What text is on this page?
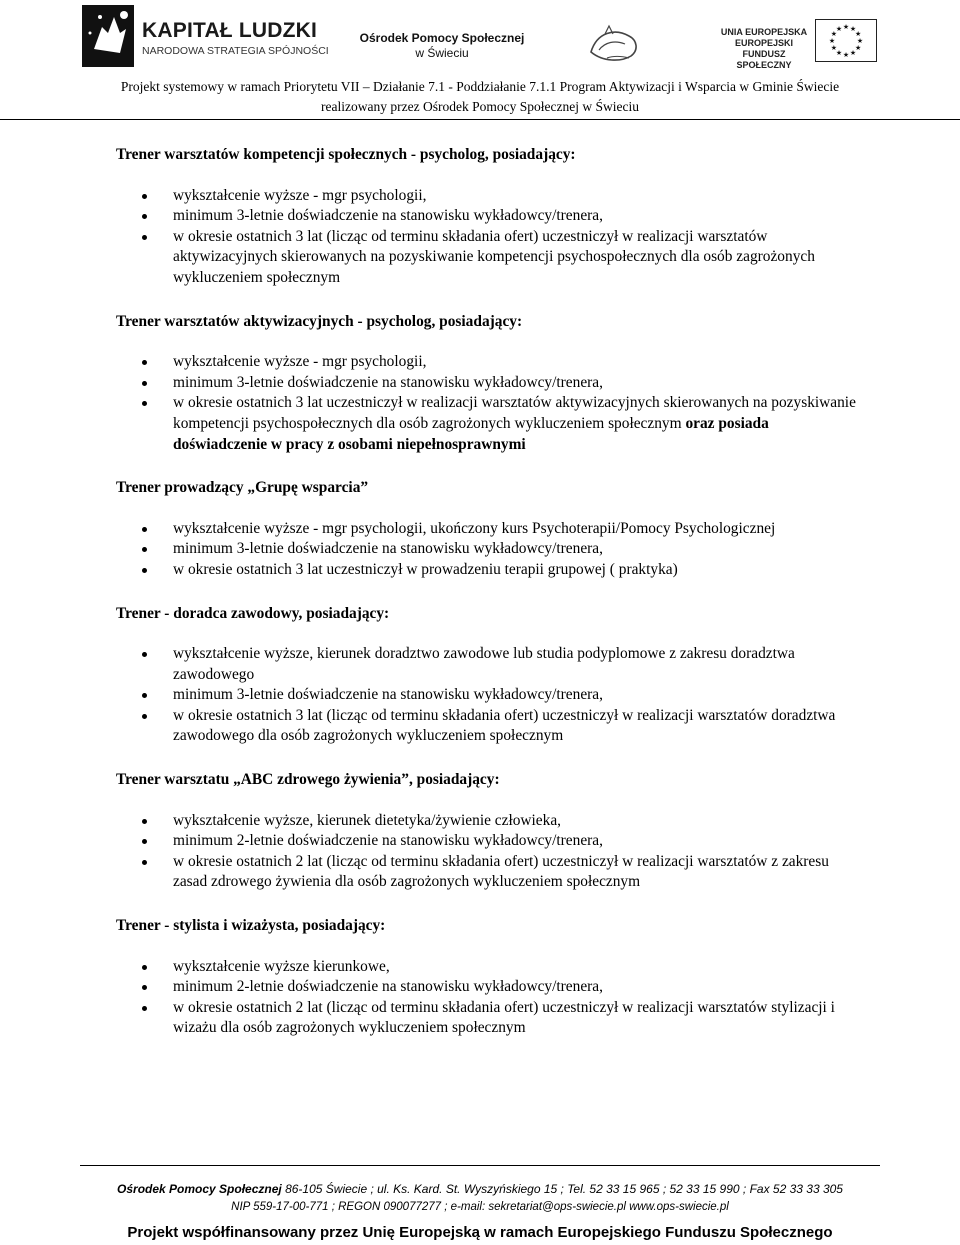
KAPITAŁ LUDZKI
NARODOWA STRATEGIA SPÓJNOŚCI
Ośrodek Pomocy Społecznej
w Świeciu
UNIA EUROPEJSKA
EUROPEJSKI
FUNDUSZ SPOŁECZNY
★
★
★
★
★
★
★
★
★ ★ ★
★
Projekt systemowy w ramach Priorytetu VII – Działanie 7.1 - Poddziałanie 7.1.1 Program Aktywizacji i Wsparcia w Gminie Świecie
realizowany przez Ośrodek Pomocy Społecznej w Świeciu

Trener warsztatów kompetencji społecznych - psycholog, posiadający:

wykształcenie wyższe - mgr psychologii,
minimum 3-letnie doświadczenie na stanowisku wykładowcy/trenera,
w okresie ostatnich 3 lat (licząc od terminu składania ofert) uczestniczył w realizacji warsztatów aktywizacyjnych skierowanych na pozyskiwanie kompetencji psychospołecznych dla osób zagrożonych wykluczeniem społecznym

Trener warsztatów aktywizacyjnych - psycholog, posiadający:

wykształcenie wyższe - mgr psychologii,
minimum 3-letnie doświadczenie na stanowisku wykładowcy/trenera,
w okresie ostatnich 3 lat uczestniczył w realizacji warsztatów aktywizacyjnych skierowanych na pozyskiwanie kompetencji psychospołecznych dla osób zagrożonych wykluczeniem społecznym oraz posiada doświadczenie w pracy z osobami niepełnosprawnymi

Trener prowadzący „Grupę wsparcia”

wykształcenie wyższe - mgr psychologii, ukończony kurs Psychoterapii/Pomocy Psychologicznej
minimum 3-letnie doświadczenie na stanowisku wykładowcy/trenera,
w okresie ostatnich 3 lat uczestniczył w prowadzeniu terapii grupowej ( praktyka)

Trener - doradca zawodowy, posiadający:

wykształcenie wyższe, kierunek doradztwo zawodowe lub studia podyplomowe z zakresu doradztwa zawodowego
minimum 3-letnie doświadczenie na stanowisku wykładowcy/trenera,
w okresie ostatnich 3 lat (licząc od terminu składania ofert) uczestniczył w realizacji warsztatów doradztwa zawodowego dla osób zagrożonych wykluczeniem społecznym

Trener warsztatu „ABC zdrowego żywienia”, posiadający:

wykształcenie wyższe, kierunek dietetyka/żywienie człowieka,
minimum 2-letnie doświadczenie na stanowisku wykładowcy/trenera,
w okresie ostatnich 2 lat (licząc od terminu składania ofert) uczestniczył w realizacji warsztatów z zakresu zasad zdrowego żywienia dla osób zagrożonych wykluczeniem społecznym

Trener - stylista i wizażysta, posiadający:

wykształcenie wyższe kierunkowe,
minimum 2-letnie doświadczenie na stanowisku wykładowcy/trenera,
w okresie ostatnich 2 lat (licząc od terminu składania ofert) uczestniczył w realizacji warsztatów stylizacji i wizażu dla osób zagrożonych wykluczeniem społecznym
Ośrodek Pomocy Społecznej 86-105 Świecie ; ul. Ks. Kard. St. Wyszyńskiego 15 ; Tel. 52 33 15 965 ; 52 33 15 990 ; Fax 52 33 33 305
NIP 559-17-00-771 ; REGON 090077277 ; e-mail: sekretariat@ops-swiecie.pl www.ops-swiecie.pl
Projekt współfinansowany przez Unię Europejską w ramach Europejskiego Funduszu Społecznego
